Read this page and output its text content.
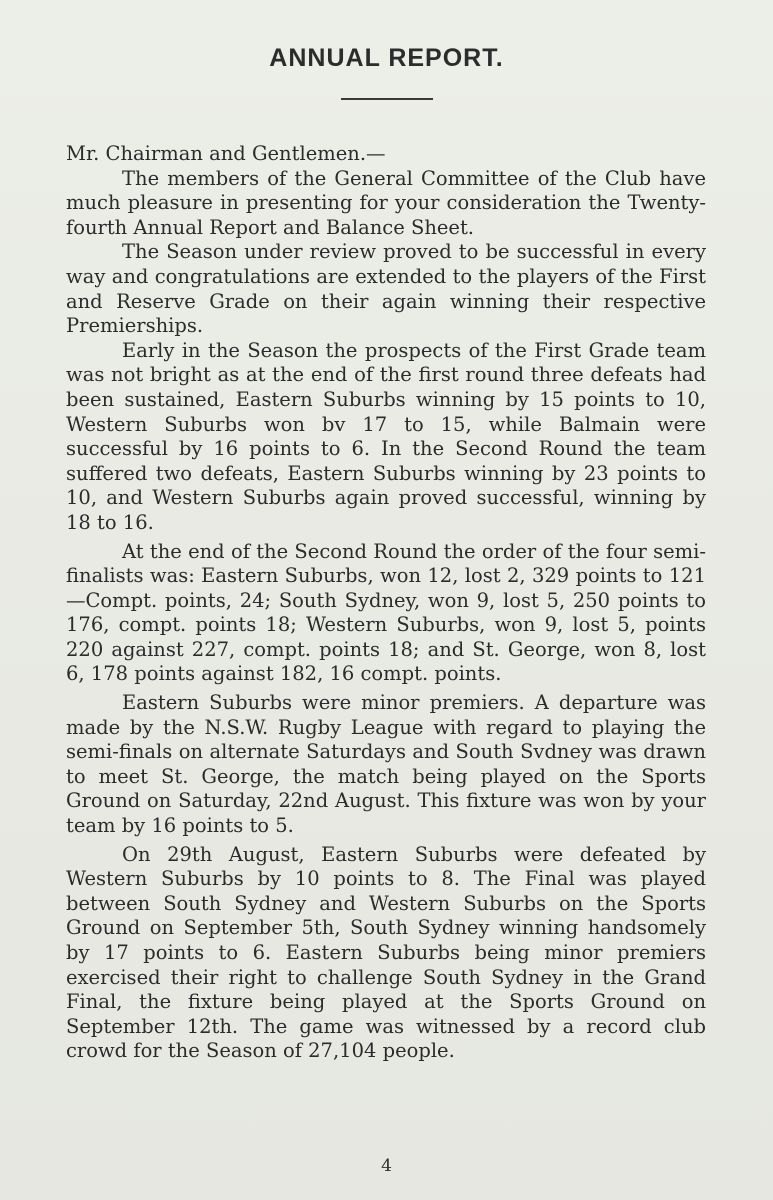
ANNUAL REPORT.

Mr. Chairman and Gentlemen.—

The members of the General Committee of the Club have much pleasure in presenting for your consideration the Twenty-fourth Annual Report and Balance Sheet.

The Season under review proved to be successful in every way and congratulations are extended to the players of the First and Reserve Grade on their again winning their respective Premierships.

Early in the Season the prospects of the First Grade team was not bright as at the end of the first round three defeats had been sustained, Eastern Suburbs winning by 15 points to 10, Western Suburbs won bv 17 to 15, while Balmain were successful by 16 points to 6. In the Second Round the team suffered two defeats, Eastern Suburbs winning by 23 points to 10, and Western Suburbs again proved successful, winning by 18 to 16.

At the end of the Second Round the order of the four semi-finalists was: Eastern Suburbs, won 12, lost 2, 329 points to 121—Compt. points, 24; South Sydney, won 9, lost 5, 250 points to 176, compt. points 18; Western Suburbs, won 9, lost 5, points 220 against 227, compt. points 18; and St. George, won 8, lost 6, 178 points against 182, 16 compt. points.

Eastern Suburbs were minor premiers. A departure was made by the N.S.W. Rugby League with regard to playing the semi-finals on alternate Saturdays and South Svdney was drawn to meet St. George, the match being played on the Sports Ground on Saturday, 22nd August. This fixture was won by your team by 16 points to 5.

On 29th August, Eastern Suburbs were defeated by Western Suburbs by 10 points to 8. The Final was played between South Sydney and Western Suburbs on the Sports Ground on September 5th, South Sydney winning handsomely by 17 points to 6. Eastern Suburbs being minor premiers exercised their right to challenge South Sydney in the Grand Final, the fixture being played at the Sports Ground on September 12th. The game was witnessed by a record club crowd for the Season of 27,104 people.

4
